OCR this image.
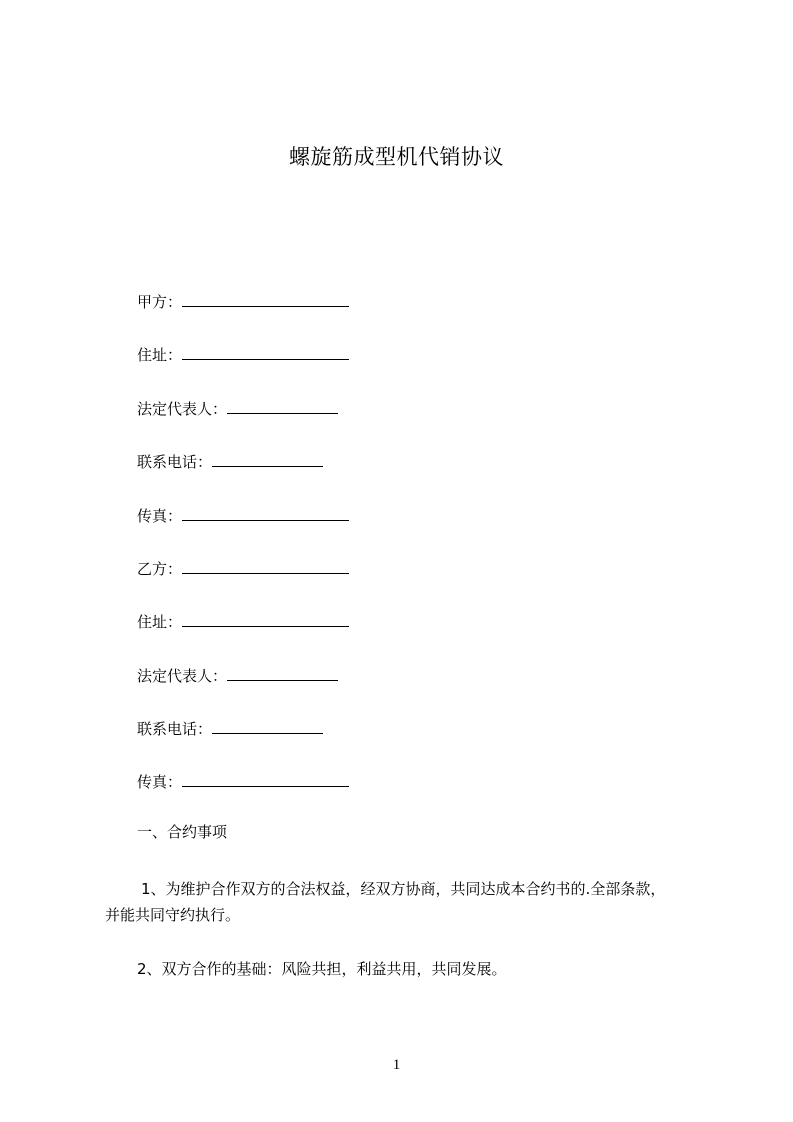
螺旋筋成型机代销协议
甲方：
住址：
法定代表人：
联系电话：
传真：
乙方：
住址：
法定代表人：
联系电话：
传真：
一、合约事项
1、为维护合作双方的合法权益，经双方协商，共同达成本合约书的.全部条款，
并能共同守约执行。
2、双方合作的基础：风险共担，利益共用，共同发展。
1
